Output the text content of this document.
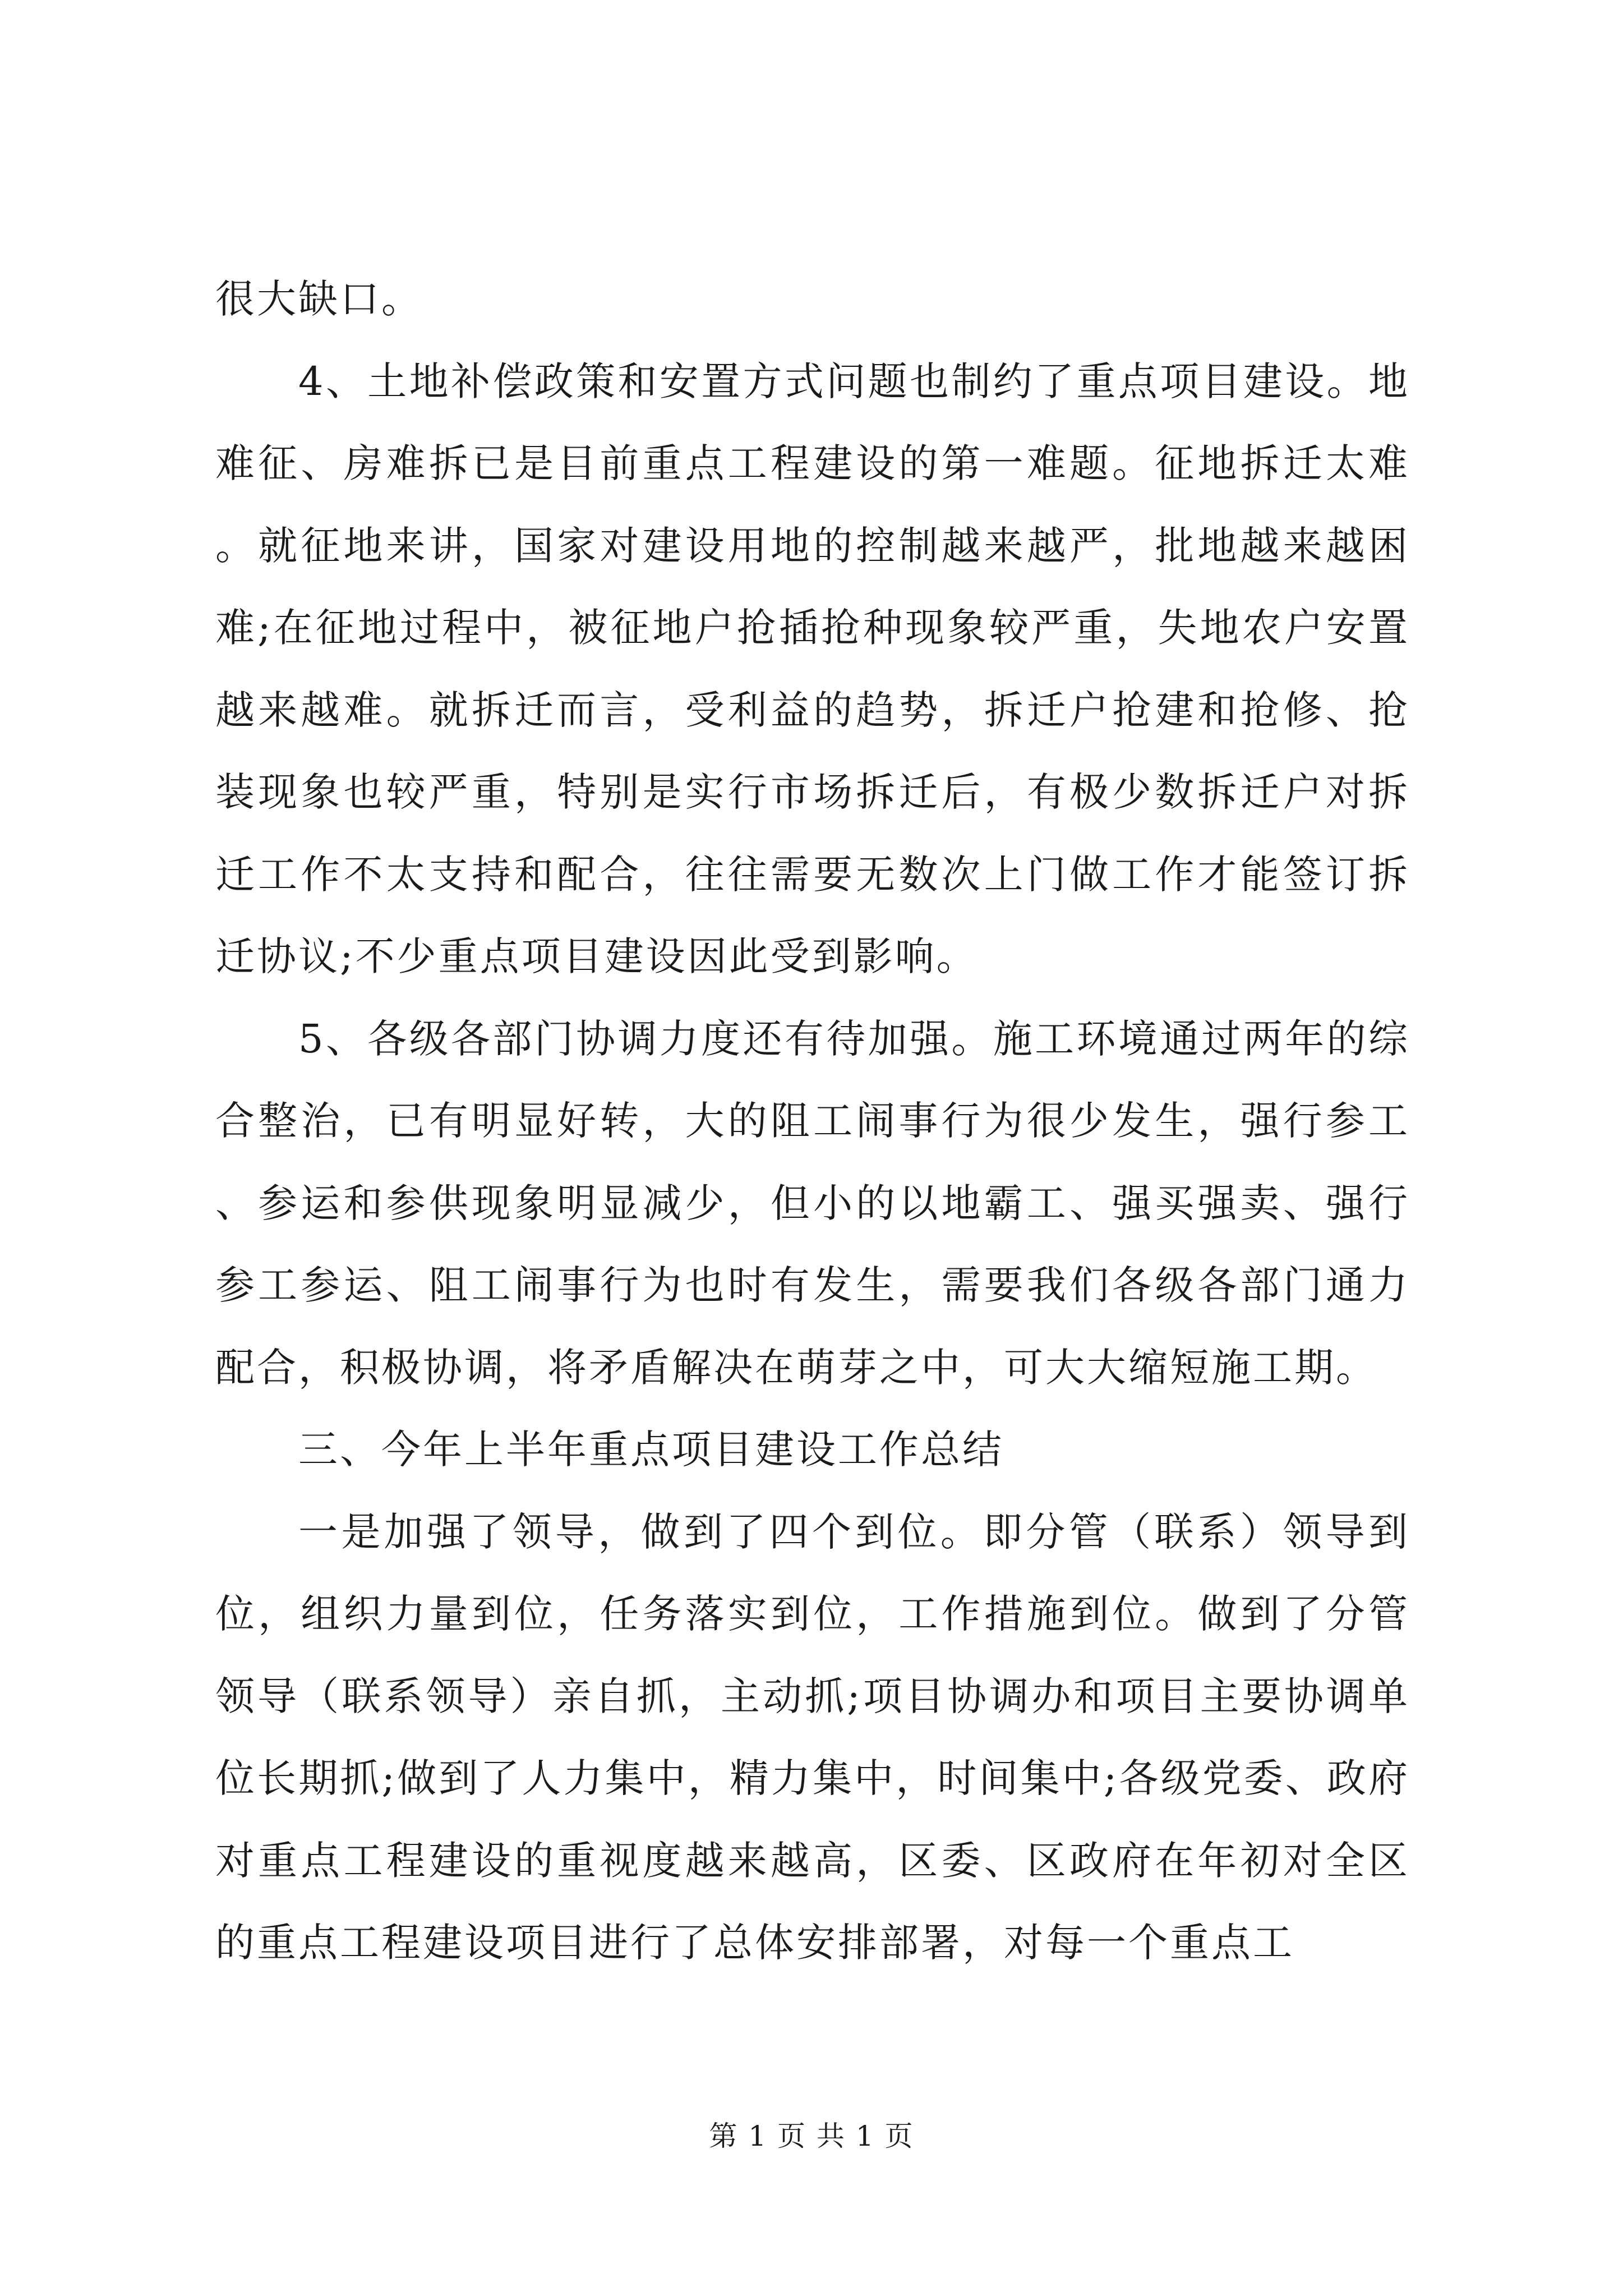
很大缺口。

4、土地补偿政策和安置方式问题也制约了重点项目建设。地难征、房难拆已是目前重点工程建设的第一难题。征地拆迁太难。就征地来讲，国家对建设用地的控制越来越严，批地越来越困难;在征地过程中，被征地户抢插抢种现象较严重，失地农户安置越来越难。就拆迁而言，受利益的趋势，拆迁户抢建和抢修、抢装现象也较严重，特别是实行市场拆迁后，有极少数拆迁户对拆迁工作不太支持和配合，往往需要无数次上门做工作才能签订拆迁协议;不少重点项目建设因此受到影响。

5、各级各部门协调力度还有待加强。施工环境通过两年的综合整治，已有明显好转，大的阻工闹事行为很少发生，强行参工、参运和参供现象明显减少，但小的以地霸工、强买强卖、强行参工参运、阻工闹事行为也时有发生，需要我们各级各部门通力配合，积极协调，将矛盾解决在萌芽之中，可大大缩短施工期。

三、今年上半年重点项目建设工作总结

一是加强了领导，做到了四个到位。即分管（联系）领导到位，组织力量到位，任务落实到位，工作措施到位。做到了分管领导（联系领导）亲自抓，主动抓;项目协调办和项目主要协调单位长期抓;做到了人力集中，精力集中，时间集中;各级党委、政府对重点工程建设的重视度越来越高，区委、区政府在年初对全区的重点工程建设项目进行了总体安排部署，对每一个重点工

第 1 页 共 1 页
